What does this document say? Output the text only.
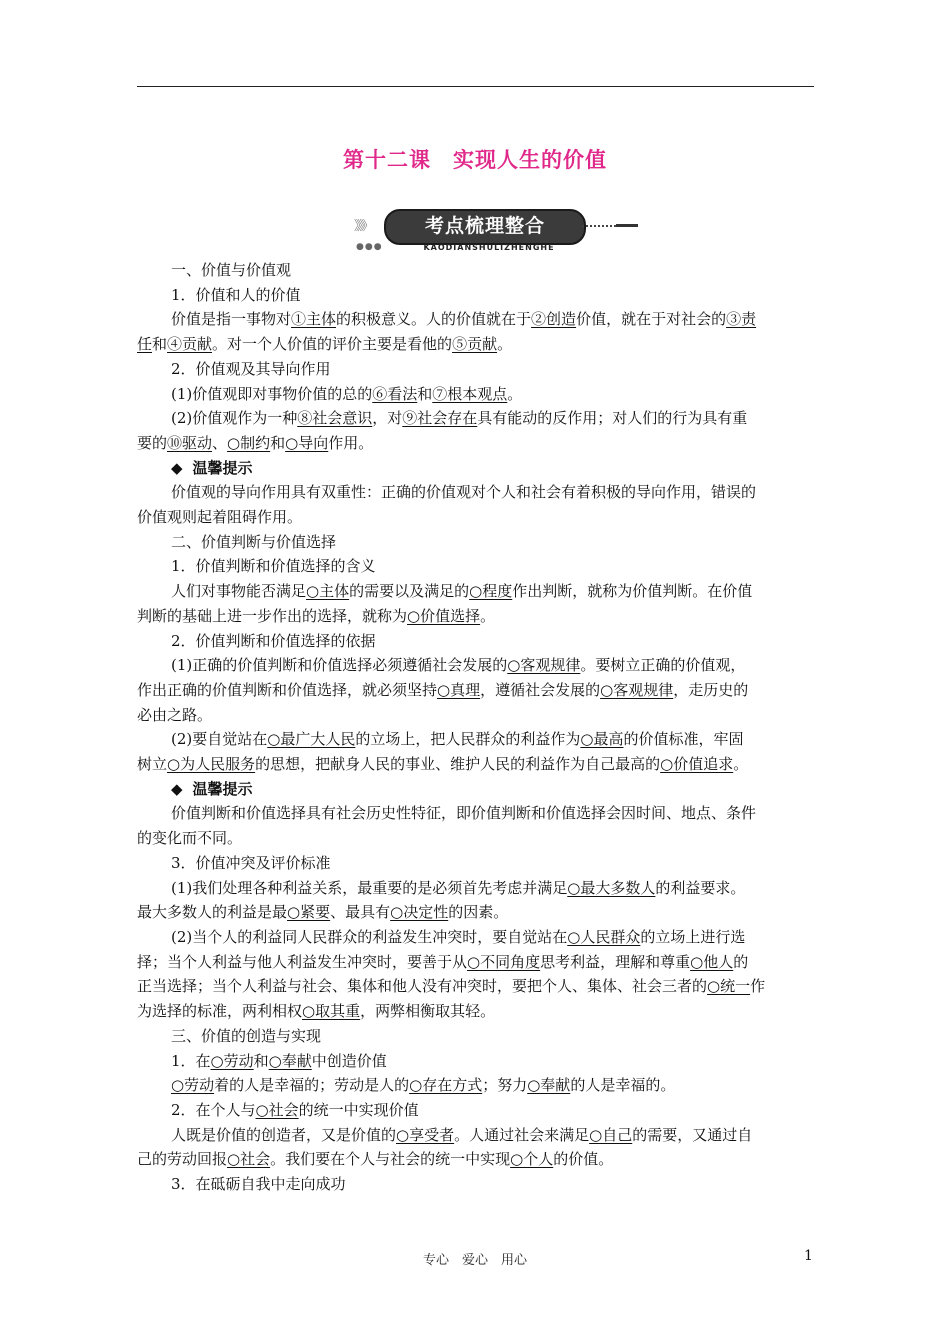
第十二课　实现人生的价值
》》》
●●●
考点梳理整合
KAODIANSHULIZHENGHE
一、价值与价值观
1．价值和人的价值
价值是指一事物对①主体的积极意义。人的价值就在于②创造价值，就在于对社会的③责
任和④贡献。对一个人价值的评价主要是看他的⑤贡献。
2．价值观及其导向作用
(1)价值观即对事物价值的总的⑥看法和⑦根本观点。
(2)价值观作为一种⑧社会意识，对⑨社会存在具有能动的反作用；对人们的行为具有重
要的⑩驱动、○制约和○导向作用。
◆ 温馨提示
价值观的导向作用具有双重性：正确的价值观对个人和社会有着积极的导向作用，错误的
价值观则起着阻碍作用。
二、价值判断与价值选择
1．价值判断和价值选择的含义
人们对事物能否满足○主体的需要以及满足的○程度作出判断，就称为价值判断。在价值
判断的基础上进一步作出的选择，就称为○价值选择。
2．价值判断和价值选择的依据
(1)正确的价值判断和价值选择必须遵循社会发展的○客观规律。要树立正确的价值观，
作出正确的价值判断和价值选择，就必须坚持○真理，遵循社会发展的○客观规律，走历史的
必由之路。
(2)要自觉站在○最广大人民的立场上，把人民群众的利益作为○最高的价值标准，牢固
树立○为人民服务的思想，把献身人民的事业、维护人民的利益作为自己最高的○价值追求。
◆ 温馨提示
价值判断和价值选择具有社会历史性特征，即价值判断和价值选择会因时间、地点、条件
的变化而不同。
3．价值冲突及评价标准
(1)我们处理各种利益关系，最重要的是必须首先考虑并满足○最大多数人的利益要求。
最大多数人的利益是最○紧要、最具有○决定性的因素。
(2)当个人的利益同人民群众的利益发生冲突时，要自觉站在○人民群众的立场上进行选
择；当个人利益与他人利益发生冲突时，要善于从○不同角度思考利益，理解和尊重○他人的
正当选择；当个人利益与社会、集体和他人没有冲突时，要把个人、集体、社会三者的○统一作
为选择的标准，两利相权○取其重，两弊相衡取其轻。
三、价值的创造与实现
1．在○劳动和○奉献中创造价值
○劳动着的人是幸福的；劳动是人的○存在方式；努力○奉献的人是幸福的。
2．在个人与○社会的统一中实现价值
人既是价值的创造者，又是价值的○享受者。人通过社会来满足○自己的需要，又通过自
己的劳动回报○社会。我们要在个人与社会的统一中实现○个人的价值。
3．在砥砺自我中走向成功
专心　爱心　用心	1
